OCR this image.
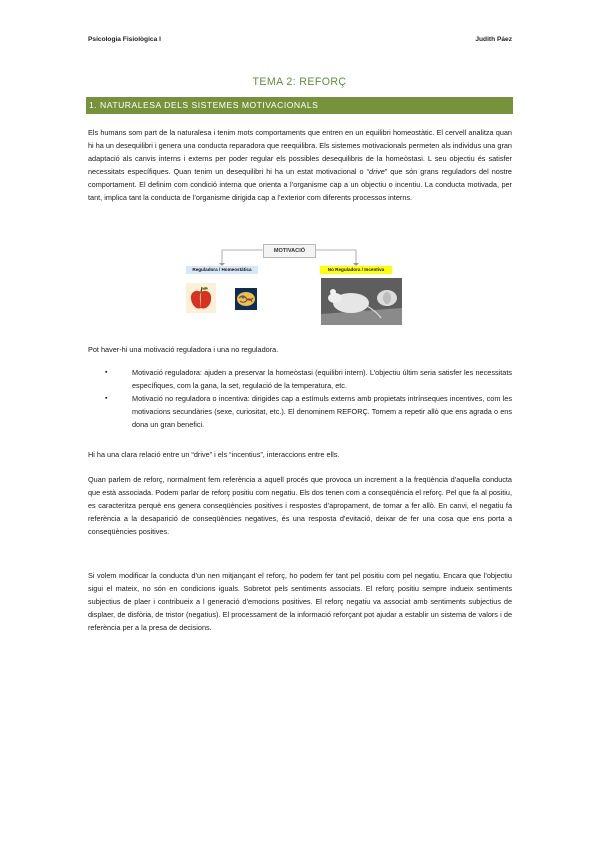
Psicologia Fisiològica I	Judith Páez
TEMA 2: REFORÇ
1. NATURALESA DELS SISTEMES MOTIVACIONALS

Els humans som part de la naturalesa i tenim mots comportaments que entren en un equilibri homeostàtic. El cervell analitza quan hi ha un desequilibri i genera una conducta reparadora que reequilibra. Els sistemes motivacionals permeten als individus una gran adaptació als canvis interns i externs per poder regular els possibles desequilibris de la homeòstasi. L seu objectiu és satisfer necessitats específiques. Quan tenim un desequilibri hi ha un estat motivacional o “drive” que són grans reguladors del nostre comportament. El definim com condició interna que orienta a l’organisme cap a un objectiu o incentiu. La conducta motivada, per tant, implica tant la conducta de l’organisme dirigida cap a l’exterior com diferents processos interns.

MOTIVACIÓ
Reguladora / Homeostàtica	No Reguladora / Incentiva

Pot haver-hi una motivació reguladora i una no reguladora.

▪	Motivació reguladora: ajuden a preservar la homeòstasi (equilibri intern). L’objectiu últim seria satisfer les necessitats específiques, com la gana, la set, regulació de la temperatura, etc.
▪	Motivació no reguladora o incentiva: dirigides cap a estímuls externs amb propietats intrínseques incentives, com les motivacions secundàries (sexe, curiositat, etc.). El denominem REFORÇ. Tornem a repetir allò que ens agrada o ens dona un gran benefici.

Hi ha una clara relació entre un “drive” i els “incentius”, interaccions entre ells.

Quan parlem de reforç, normalment fem referència a aquell procés que provoca un increment a la freqüència d’aquella conducta que està associada. Podem parlar de reforç positiu com negatiu. Els dos tenen com a conseqüència el reforç. Pel que fa al positiu, es caracteritza perquè ens genera conseqüències positives i respostes d’apropament, de tornar a fer allò. En canvi, el negatiu fa referència a la desaparició de conseqüències negatives, és una resposta d’evitació, deixar de fer una cosa que ens porta a conseqüències positives.

Si volem modificar la conducta d’un nen mitjançant el reforç, ho podem fer tant pel positiu com pel negatiu. Encara que l’objectiu sigui el mateix, no són en condicions iguals. Sobretot pels sentiments associats. El reforç positiu sempre indueix sentiments subjectius de plaer i contribueix a l generació d’emocions positives. El reforç negatiu va associat amb sentiments subjectius de displaer, de disfòria, de tristor (negatius). El processament de la informació reforçant pot ajudar a establir un sistema de valors i de referència per a la presa de decisions.
